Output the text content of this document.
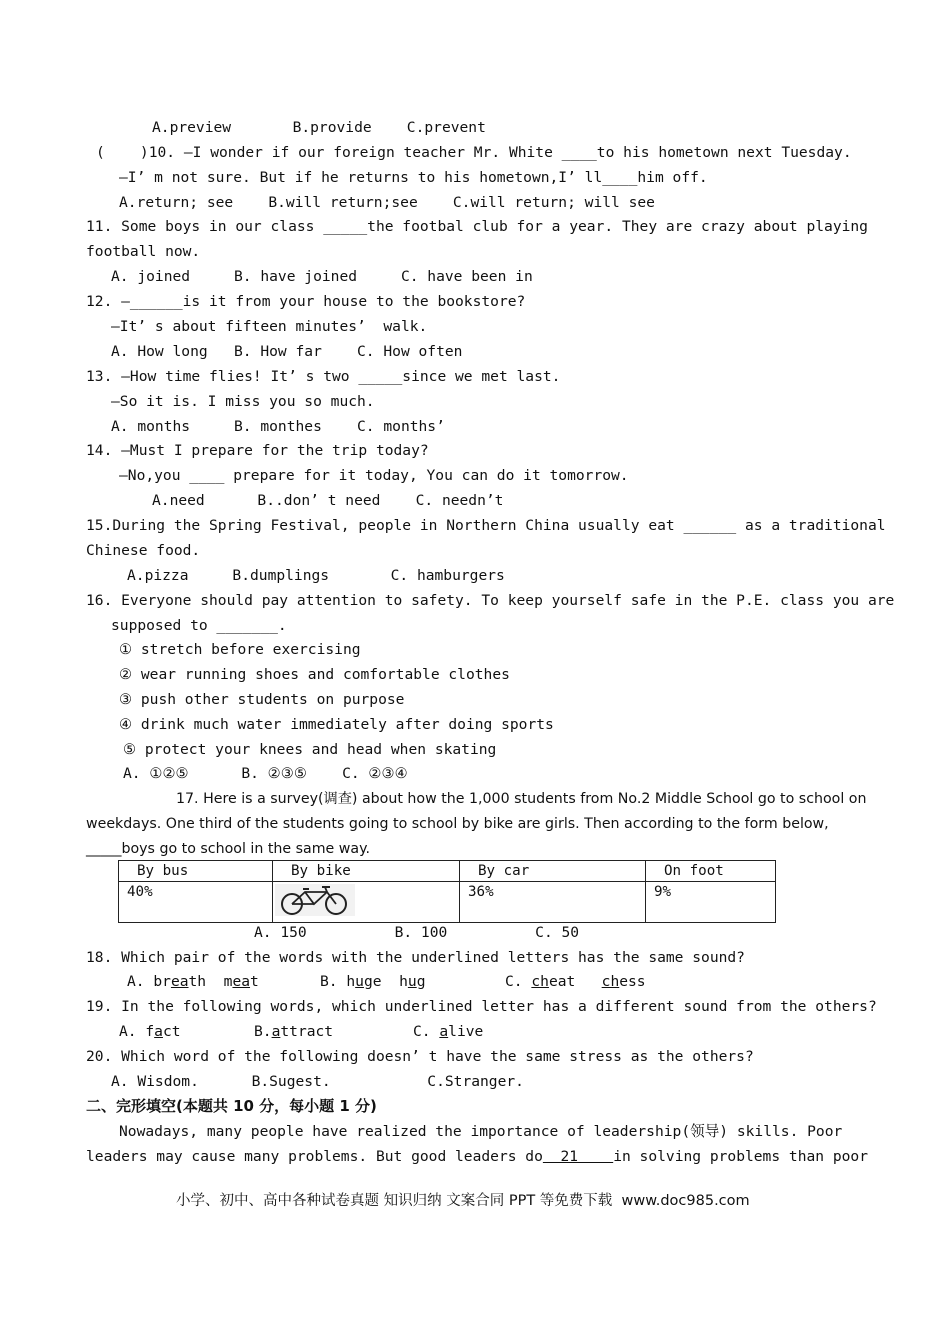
A.preview       B.provide    C.prevent
(    )10. —I wonder if our foreign teacher Mr. White ____to his hometown next Tuesday.
—I’ m not sure. But if he returns to his hometown,I’ ll____him off.
A.return; see    B.will return;see    C.will return; will see
11. Some boys in our class _____the footbal club for a year. They are crazy about playing
football now.
A. joined     B. have joined     C. have been in
12. —______is it from your house to the bookstore?
—It’ s about fifteen minutes’  walk.
A. How long   B. How far    C. How often
13. —How time flies! It’ s two _____since we met last.
—So it is. I miss you so much.
A. months     B. monthes    C. months’
14. —Must I prepare for the trip today?
—No,you ____ prepare for it today, You can do it tomorrow.
A.need      B..don’ t need    C. needn’t
15.During the Spring Festival, people in Northern China usually eat ______ as a traditional
Chinese food.
A.pizza     B.dumplings       C. hamburgers
16. Everyone should pay attention to safety. To keep yourself safe in the P.E. class you are
supposed to _______.
① stretch before exercising
② wear running shoes and comfortable clothes
③ push other students on purpose
④ drink much water immediately after doing sports
⑤ protect your knees and head when skating
A. ①②⑤      B. ②③⑤    C. ②③④
17. Here is a survey(调查) about how the 1,000 students from No.2 Middle School go to school on
weekdays. One third of the students going to school by bike are girls. Then according to the form below,
_____boys go to school in the same way.
By bus	By bike	By car	On foot
40%		36%	9%
A. 150          B. 100          C. 50
18. Which pair of the words with the underlined letters has the same sound?
A. breath  meat	B. huge  hug	C. cheat   chess
19. In the following words, which underlined letter has a different sound from the others?
A. fact	B.attract	C. alive
20. Which word of the following doesn’ t have the same stress as the others?
A. Wisdom.      B.Sugest.           C.Stranger.
二、完形填空(本题共 10 分，每小题 1 分)
Nowadays, many people have realized the importance of leadership(领导) skills. Poor
leaders may cause many problems. But good leaders do  21    in solving problems than poor
小学、初中、高中各种试卷真题 知识归纳 文案合同 PPT 等免费下载  www.doc985.com
